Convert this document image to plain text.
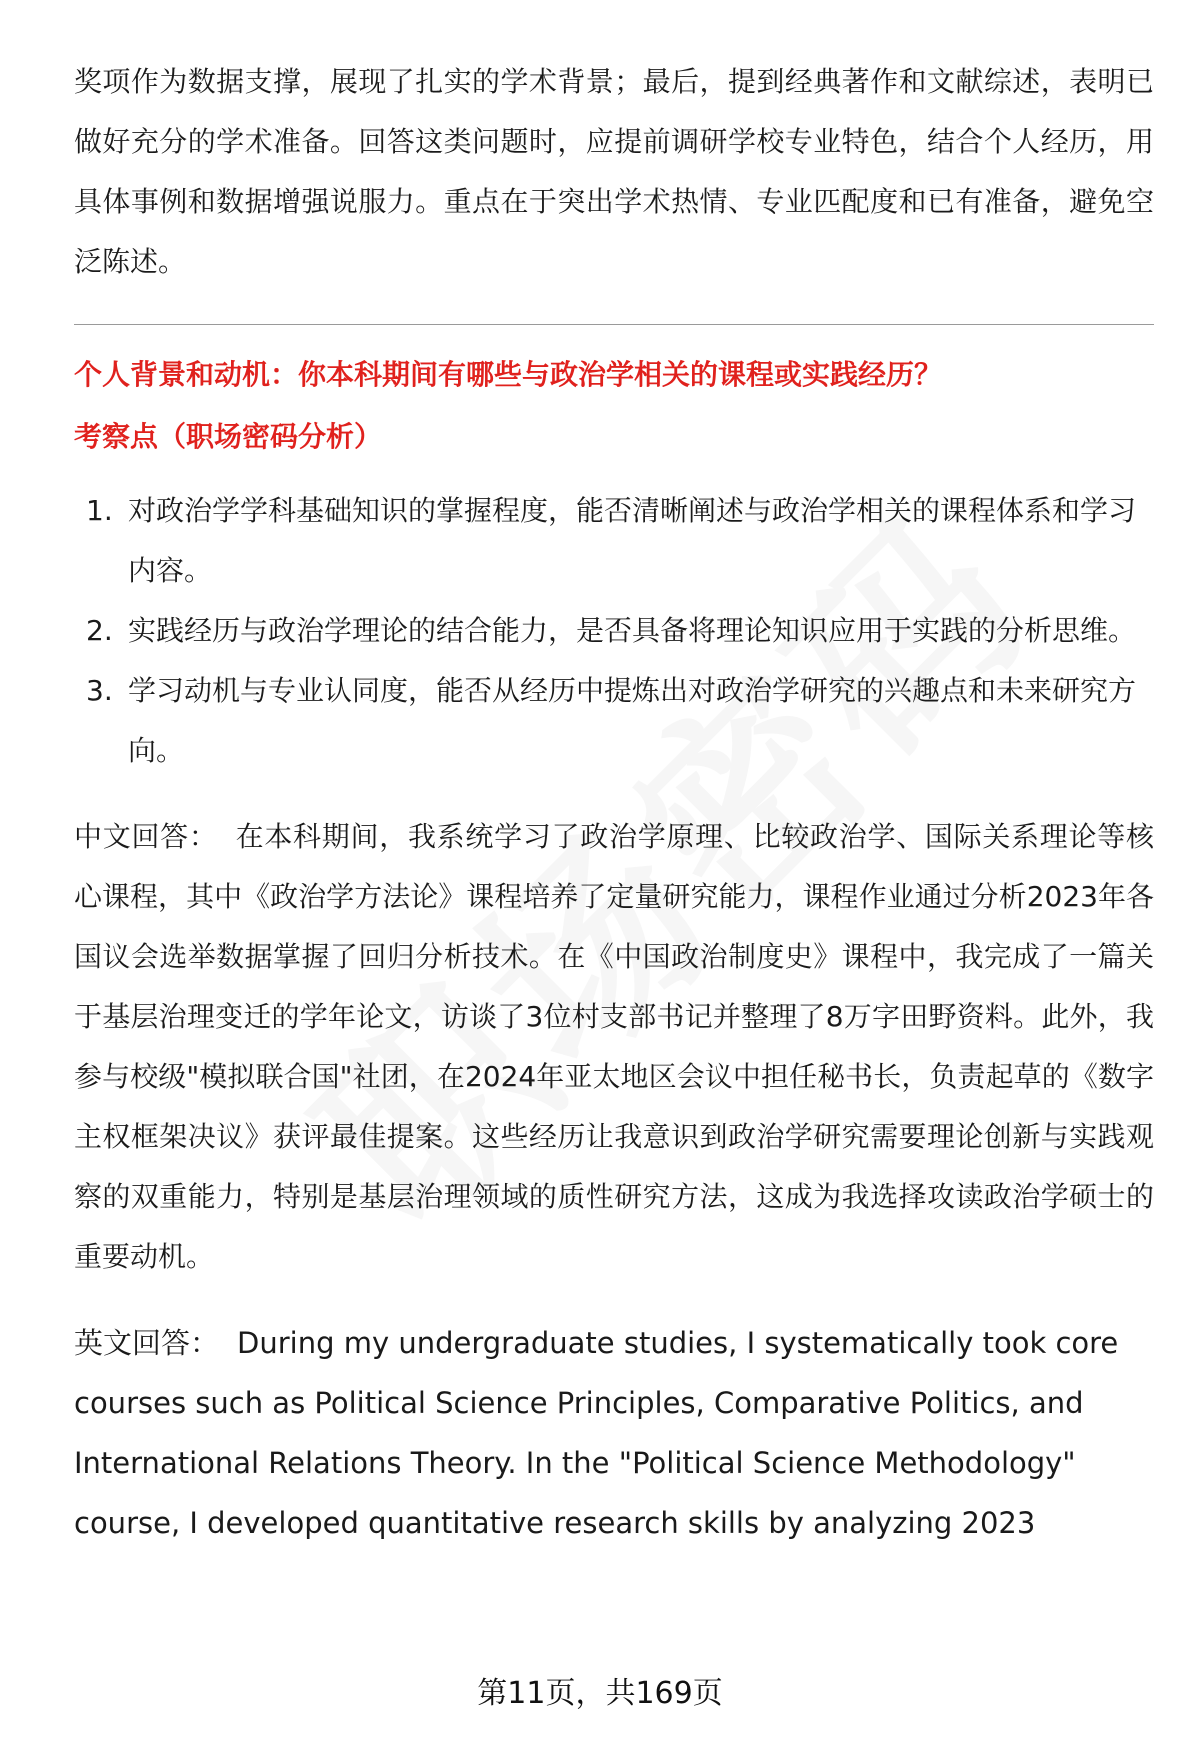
奖项作为数据支撑，展现了扎实的学术背景；最后，提到经典著作和文献综述，表明已做好充分的学术准备。回答这类问题时，应提前调研学校专业特色，结合个人经历，用具体事例和数据增强说服力。重点在于突出学术热情、专业匹配度和已有准备，避免空泛陈述。

个人背景和动机：你本科期间有哪些与政治学相关的课程或实践经历？

考察点（职场密码分析）

1. 对政治学学科基础知识的掌握程度，能否清晰阐述与政治学相关的课程体系和学习内容。
2. 实践经历与政治学理论的结合能力，是否具备将理论知识应用于实践的分析思维。
3. 学习动机与专业认同度，能否从经历中提炼出对政治学研究的兴趣点和未来研究方向。

中文回答： 在本科期间，我系统学习了政治学原理、比较政治学、国际关系理论等核心课程，其中《政治学方法论》课程培养了定量研究能力，课程作业通过分析2023年各国议会选举数据掌握了回归分析技术。在《中国政治制度史》课程中，我完成了一篇关于基层治理变迁的学年论文，访谈了3位村支部书记并整理了8万字田野资料。此外，我参与校级"模拟联合国"社团，在2024年亚太地区会议中担任秘书长，负责起草的《数字主权框架决议》获评最佳提案。这些经历让我意识到政治学研究需要理论创新与实践观察的双重能力，特别是基层治理领域的质性研究方法，这成为我选择攻读政治学硕士的重要动机。

英文回答： During my undergraduate studies, I systematically took core courses such as Political Science Principles, Comparative Politics, and International Relations Theory. In the "Political Science Methodology" course, I developed quantitative research skills by analyzing 2023

第11页，共169页
